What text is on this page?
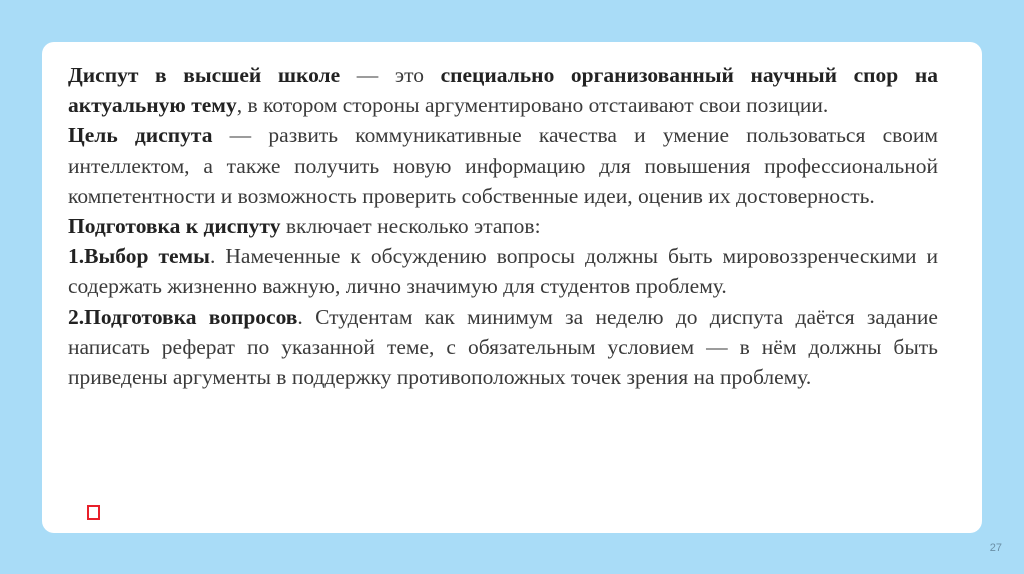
Диспут в высшей школе — это специально организованный научный спор на актуальную тему, в котором стороны аргументировано отстаивают свои позиции.

Цель диспута — развить коммуникативные качества и умение пользоваться своим интеллектом, а также получить новую информацию для повышения профессиональной компетентности и возможность проверить собственные идеи, оценив их достоверность.

Подготовка к диспуту включает несколько этапов:

1.Выбор темы. Намеченные к обсуждению вопросы должны быть мировоззренческими и содержать жизненно важную, лично значимую для студентов проблему.

2.Подготовка вопросов. Студентам как минимум за неделю до диспута даётся задание написать реферат по указанной теме, с обязательным условием — в нём должны быть приведены аргументы в поддержку противоположных точек зрения на проблему.

27
